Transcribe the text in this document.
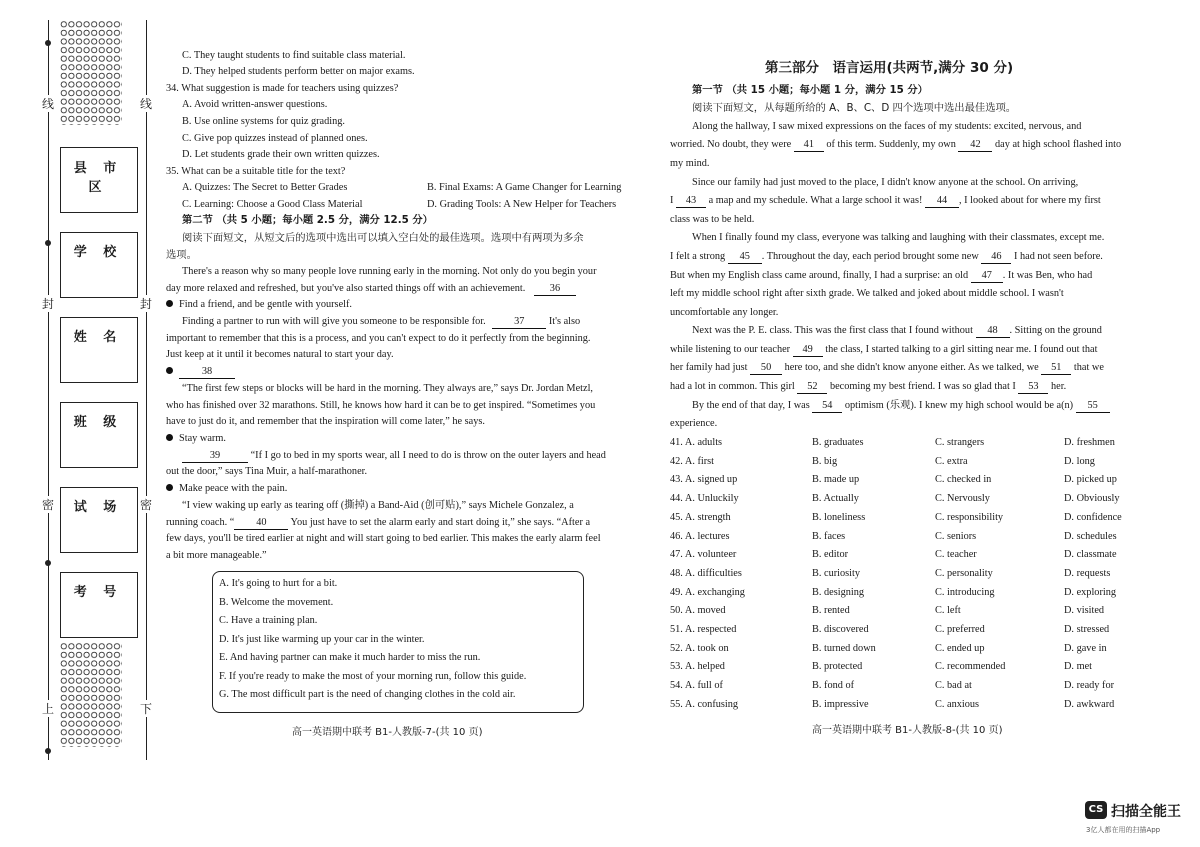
线	线
封	封
密	密
上	下
县 市 区
学 校
姓 名
班 级
试 场
考 号
C. They taught students to find suitable class material.
D. They helped students perform better on major exams.
34. What suggestion is made for teachers using quizzes?
A. Avoid written-answer questions.
B. Use online systems for quiz grading.
C. Give pop quizzes instead of planned ones.
D. Let students grade their own written quizzes.
35. What can be a suitable title for the text?
A. Quizzes: The Secret to Better Grades	B. Final Exams: A Game Changer for Learning
C. Learning: Choose a Good Class Material	D. Grading Tools: A New Helper for Teachers
第二节 （共 5 小题；每小题 2.5 分，满分 12.5 分）
阅读下面短文，从短文后的选项中选出可以填入空白处的最佳选项。选项中有两项为多余
选项。
There's a reason why so many people love running early in the morning. Not only do you begin your
day more relaxed and refreshed, but you've also started things off with an achievement. 36
Find a friend, and be gentle with yourself.
Finding a partner to run with will give you someone to be responsible for.	37 It's also
important to remember that this is a process, and you can't expect to do it perfectly from the beginning.
Just keep at it until it becomes natural to start your day.
38
“The first few steps or blocks will be hard in the morning. They always are,” says Dr. Jordan Metzl,
who has finished over 32 marathons. Still, he knows how hard it can be to get inspired. “Sometimes you
have to just do it, and remember that the inspiration will come later,” he says.
Stay warm.
39	“If I go to bed in my sports wear, all I need to do is throw on the outer layers and head
out the door,” says Tina Muir, a half-marathoner.
Make peace with the pain.
“I view waking up early as tearing off (撕掉) a Band-Aid (创可贴),” says Michele Gonzalez, a
running coach. “ 40 You just have to set the alarm early and start doing it,” she says. “After a
few days, you'll be tired earlier at night and will start going to bed earlier. This makes the early alarm feel
a bit more manageable.”
A. It's going to hurt for a bit.
B. Welcome the movement.
C. Have a training plan.
D. It's just like warming up your car in the winter.
E. And having partner can make it much harder to miss the run.
F. If you're ready to make the most of your morning run, follow this guide.
G. The most difficult part is the need of changing clothes in the cold air.
高一英语期中联考 B1-人教版-7-(共 10 页)
第三部分　语言运用(共两节,满分 30 分)
第一节 （共 15 小题；每小题 1 分，满分 15 分）
阅读下面短文，从每题所给的 A、B、C、D 四个选项中选出最佳选项。
Along the hallway, I saw mixed expressions on the faces of my students: excited, nervous, and
worried. No doubt, they were 41 of this term. Suddenly, my own 42 day at high school flashed into
my mind.
Since our family had just moved to the place, I didn't know anyone at the school. On arriving,
I 43 a map and my schedule. What a large school it was! 44 , I looked about for where my first
class was to be held.
When I finally found my class, everyone was talking and laughing with their classmates, except me.
I felt a strong 45 . Throughout the day, each period brought some new 46 I had not seen before.
But when my English class came around, finally, I had a surprise: an old 47 . It was Ben, who had
left my middle school right after sixth grade. We talked and joked about middle school. I wasn't
uncomfortable any longer.
Next was the P. E. class. This was the first class that I found without 48 . Sitting on the ground
while listening to our teacher 49 the class, I started talking to a girl sitting near me. I found out that
her family had just 50 here too, and she didn't know anyone either. As we talked, we 51 that we
had a lot in common. This girl 52 becoming my best friend. I was so glad that I 53 her.
By the end of that day, I was 54 optimism (乐观). I knew my high school would be a(n) 55
experience.
41. A. adults	B. graduates	C. strangers	D. freshmen
42. A. first	B. big	C. extra	D. long
43. A. signed up	B. made up	C. checked in	D. picked up
44. A. Unluckily	B. Actually	C. Nervously	D. Obviously
45. A. strength	B. loneliness	C. responsibility	D. confidence
46. A. lectures	B. faces	C. seniors	D. schedules
47. A. volunteer	B. editor	C. teacher	D. classmate
48. A. difficulties	B. curiosity	C. personality	D. requests
49. A. exchanging	B. designing	C. introducing	D. exploring
50. A. moved	B. rented	C. left	D. visited
51. A. respected	B. discovered	C. preferred	D. stressed
52. A. took on	B. turned down	C. ended up	D. gave in
53. A. helped	B. protected	C. recommended	D. met
54. A. full of	B. fond of	C. bad at	D. ready for
55. A. confusing	B. impressive	C. anxious	D. awkward
高一英语期中联考 B1-人教版-8-(共 10 页)
CS 扫描全能王
3亿人都在用的扫描App
